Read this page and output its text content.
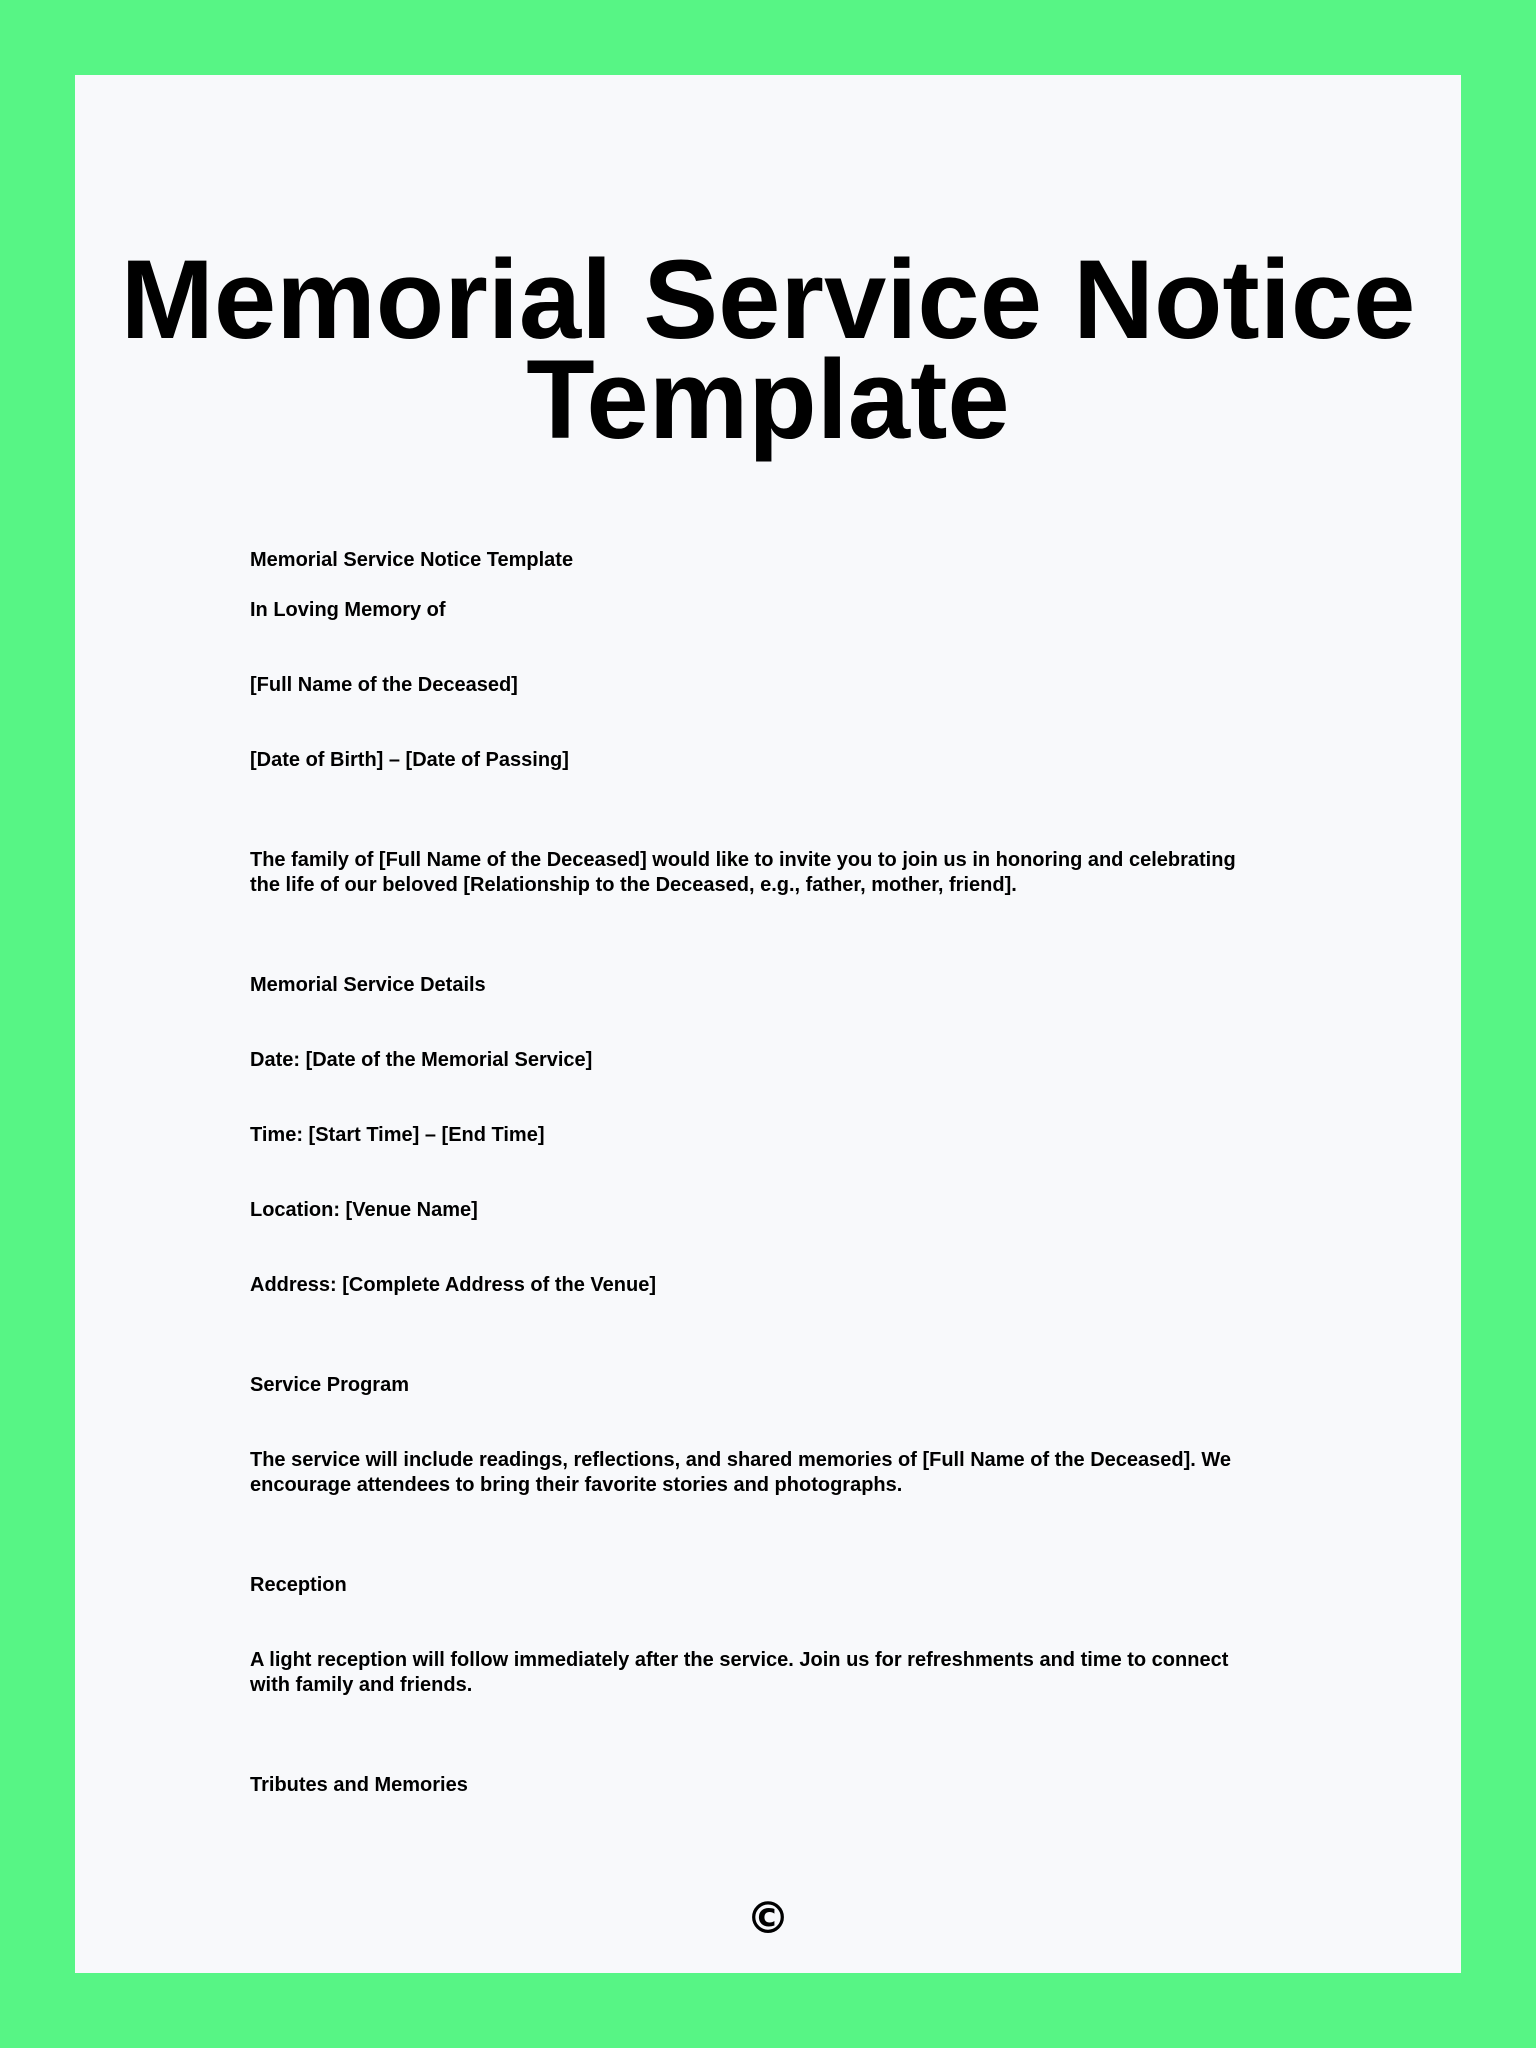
Memorial Service Notice Template

Memorial Service Notice Template

In Loving Memory of

[Full Name of the Deceased]

[Date of Birth] – [Date of Passing]

The family of [Full Name of the Deceased] would like to invite you to join us in honoring and celebrating the life of our beloved [Relationship to the Deceased, e.g., father, mother, friend].

Memorial Service Details

Date: [Date of the Memorial Service]

Time: [Start Time] – [End Time]

Location: [Venue Name]

Address: [Complete Address of the Venue]

Service Program

The service will include readings, reflections, and shared memories of [Full Name of the Deceased]. We encourage attendees to bring their favorite stories and photographs.

Reception

A light reception will follow immediately after the service. Join us for refreshments and time to connect with family and friends.

Tributes and Memories

©
